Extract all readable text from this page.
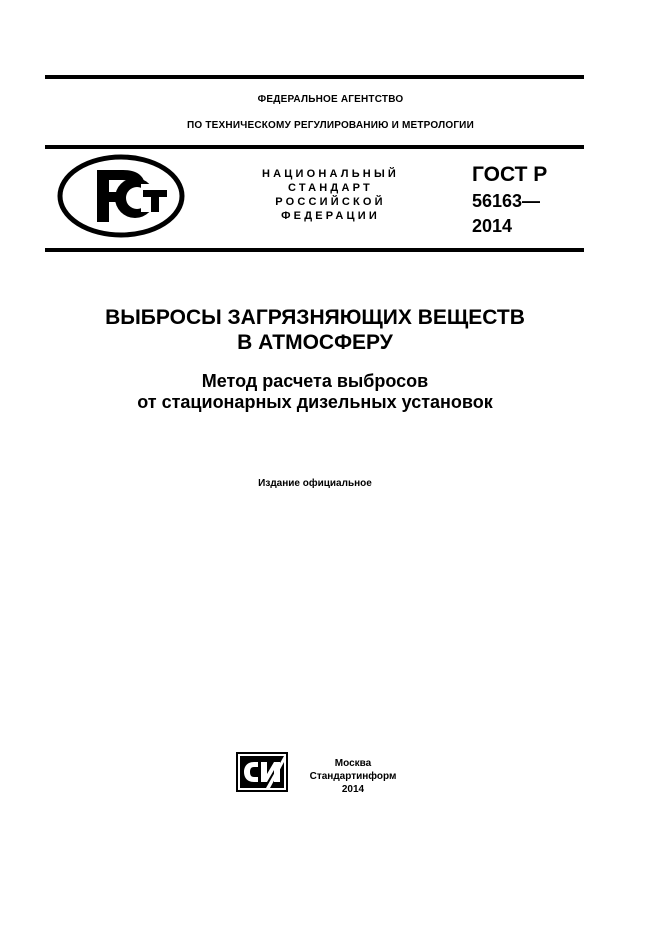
ФЕДЕРАЛЬНОЕ АГЕНТСТВО
ПО ТЕХНИЧЕСКОМУ РЕГУЛИРОВАНИЮ И МЕТРОЛОГИИ
НАЦИОНАЛЬНЫЙ
СТАНДАРТ
РОССИЙСКОЙ
ФЕДЕРАЦИИ
ГОСТ Р
56163—
2014
ВЫБРОСЫ ЗАГРЯЗНЯЮЩИХ ВЕЩЕСТВ
В АТМОСФЕРУ
Метод расчета выбросов
от стационарных дизельных установок
Издание официальное
Москва
Стандартинформ
2014
